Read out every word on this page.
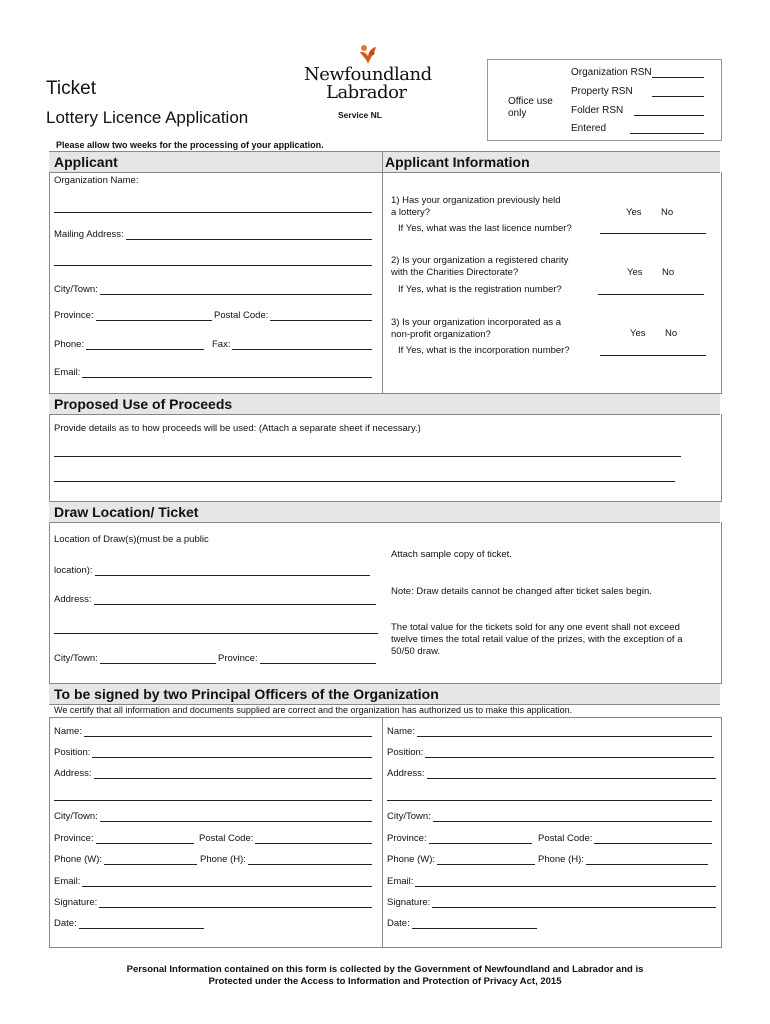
Ticket
Lottery Licence Application
Newfoundland
Labrador
Service NL
Office use only
Organization RSN
Property RSN
Folder RSN
Entered
Please allow two weeks for the processing of your application.
Applicant	Applicant Information
Organization Name:
Mailing Address:
City/Town:
Province:	Postal Code:
Phone:	Fax:
Email:
1) Has your organization previously held
a lottery?	Yes No
If Yes, what was the last licence number?
2) Is your organization a registered charity
with the Charities Directorate?	Yes No
If Yes, what is the registration number?
3) Is your organization incorporated as a
non-profit organization?	Yes No
If Yes, what is the incorporation number?
Proposed Use of Proceeds
Provide details as to how proceeds will be used: (Attach a separate sheet if necessary.)
Draw Location/ Ticket
Location of Draw(s)(must be a public
location):
Address:
City/Town:	Province:
Attach sample copy of ticket.
Note: Draw details cannot be changed after ticket sales begin.
The total value for the tickets sold for any one event shall not exceed
twelve times the total retail value of the prizes, with the exception of a
50/50 draw.
To be signed by two Principal Officers of the Organization
We certify that all information and documents supplied are correct and the organization has authorized us to make this application.
Name:
Position:
Address:
City/Town:
Province:	Postal Code:
Phone (W):	Phone (H):
Email:
Signature:
Date:
Name:
Position:
Address:
City/Town:
Province:	Postal Code:
Phone (W):	Phone (H):
Email:
Signature:
Date:
Personal Information contained on this form is collected by the Government of Newfoundland and Labrador and is
Protected under the Access to Information and Protection of Privacy Act, 2015
